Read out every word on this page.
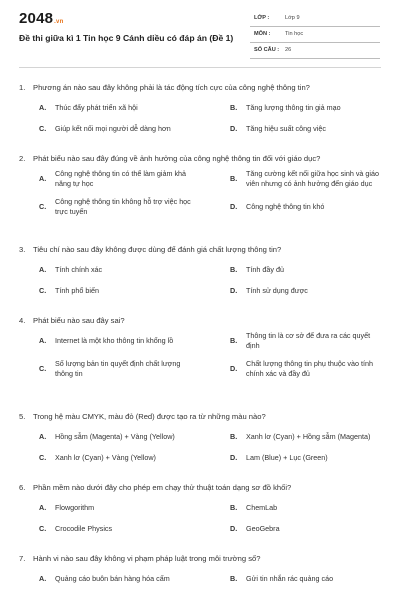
2048.vn
Đề thi giữa kì 1 Tin học 9 Cánh diều có đáp án (Đề 1)
LỚP :	Lớp 9
MÔN :	Tin học
SỐ CÂU : 26
1. Phương án nào sau đây không phải là tác động tích cực của công nghệ thông tin?
A. Thúc đẩy phát triển xã hội	B. Tăng lượng thông tin giả mạo
C. Giúp kết nối mọi người dễ dàng hơn	D. Tăng hiệu suất công việc
2. Phát biểu nào sau đây đúng về ảnh hưởng của công nghệ thông tin đối với giáo dục?
A.
Công nghệ thông tin có thể làm giảm khả
năng tự học
B.
Tăng cường kết nối giữa học sinh và giáo
viên nhưng có ảnh hưởng đến giáo dục
C.
Công nghệ thông tin không hỗ trợ việc học
trực tuyến
D. Công nghệ thông tin khó
3. Tiêu chí nào sau đây không được dùng để đánh giá chất lượng thông tin?
A. Tính chính xác	B. Tính đầy đủ
C. Tính phổ biến	D. Tính sử dụng được
4. Phát biểu nào sau đây sai?
A. Internet là một kho thông tin khổng lồ	B.
Thông tin là cơ sở để đưa ra các quyết
định
C.
Số lượng bản tin quyết định chất lượng
thông tin
D.
Chất lượng thông tin phụ thuộc vào tính
chính xác và đầy đủ
5. Trong hệ màu CMYK, màu đỏ (Red) được tạo ra từ những màu nào?
A. Hồng sẫm (Magenta) + Vàng (Yellow)	B. Xanh lơ (Cyan) + Hồng sẫm (Magenta)
C. Xanh lơ (Cyan) + Vàng (Yellow)	D. Lam (Blue) + Lục (Green)
6. Phần mềm nào dưới đây cho phép em chạy thử thuật toán dạng sơ đồ khối?
A. Flowgorithm	B. ChemLab
C. Crocodile Physics	D. GeoGebra
7. Hành vi nào sau đây không vi phạm pháp luật trong môi trường số?
A. Quảng cáo buôn bán hàng hóa cấm	B. Gửi tin nhắn rác quảng cáo
